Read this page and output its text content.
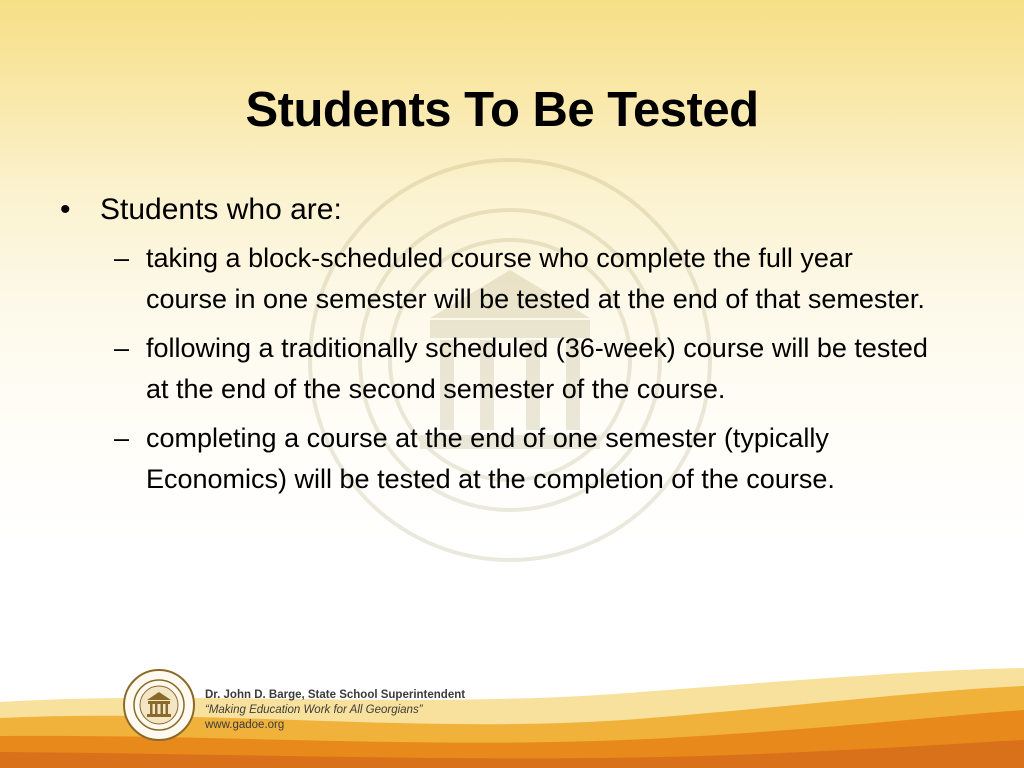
Students To Be Tested
• Students who are:
– taking a block-scheduled course who complete the full year course in one semester will be tested at the end of that semester.
– following a traditionally scheduled (36-week) course will be tested at the end of the second semester of the course.
– completing a course at the end of one semester (typically Economics) will be tested at the completion of the course.
Dr. John D. Barge, State School Superintendent
“Making Education Work for All Georgians”
www.gadoe.org
